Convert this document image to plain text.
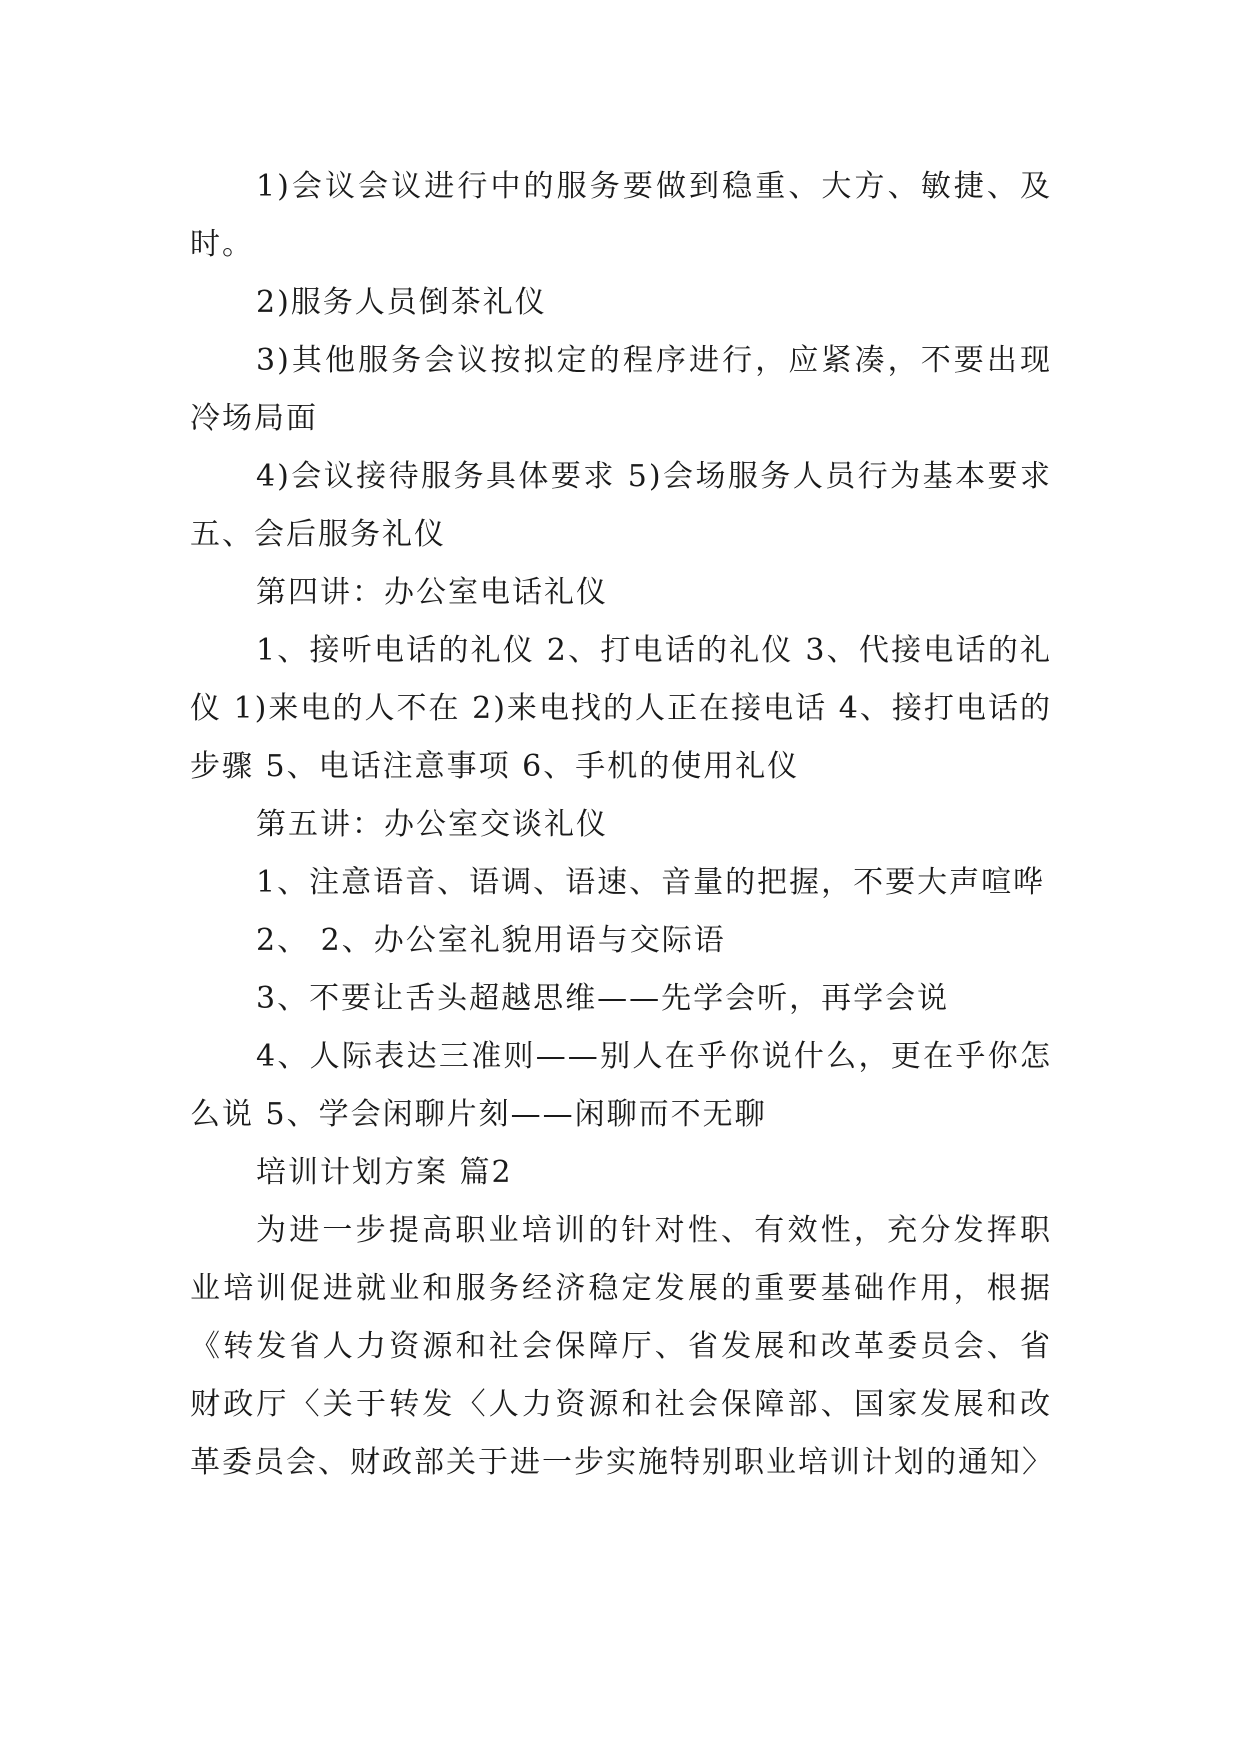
1)会议会议进行中的服务要做到稳重、大方、敏捷、及时。

2)服务人员倒茶礼仪

3)其他服务会议按拟定的程序进行，应紧凑，不要出现冷场局面

4)会议接待服务具体要求 5)会场服务人员行为基本要求 五、会后服务礼仪

第四讲：办公室电话礼仪

1、接听电话的礼仪 2、打电话的礼仪 3、代接电话的礼仪 1)来电的人不在 2)来电找的人正在接电话 4、接打电话的步骤 5、电话注意事项 6、手机的使用礼仪

第五讲：办公室交谈礼仪

1、注意语音、语调、语速、音量的把握，不要大声喧哗

2、 2、办公室礼貌用语与交际语

3、不要让舌头超越思维——先学会听，再学会说

4、人际表达三准则——别人在乎你说什么，更在乎你怎么说 5、学会闲聊片刻——闲聊而不无聊

培训计划方案 篇2

为进一步提高职业培训的针对性、有效性，充分发挥职业培训促进就业和服务经济稳定发展的重要基础作用，根据《转发省人力资源和社会保障厅、省发展和改革委员会、省财政厅〈关于转发〈人力资源和社会保障部、国家发展和改革委员会、财政部关于进一步实施特别职业培训计划的通知〉
